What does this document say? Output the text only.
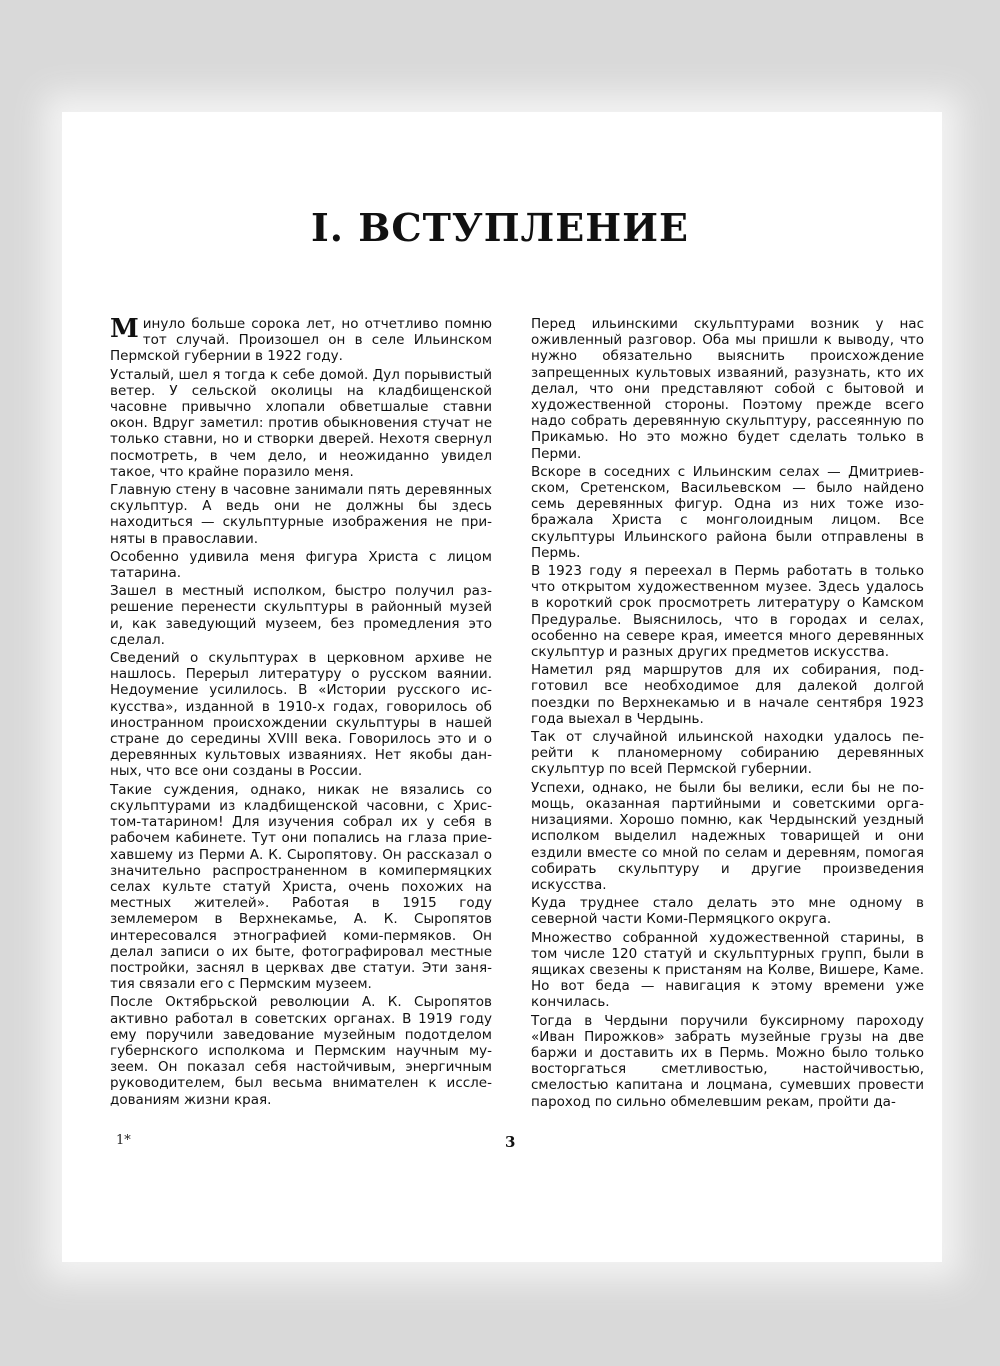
I. ВСТУПЛЕНИЕ

Минуло больше сорока лет, но отчетливо помню тот случай. Произошел он в селе Ильинском Пермской губернии в 1922 году.

Усталый, шел я тогда к себе домой. Дул порывистый ветер. У сельской околицы на кладбищенской часовне привычно хлопали обветшалые ставни окон. Вдруг заметил: против обыкновения стучат не только ставни, но и створки дверей. Нехотя свернул посмотреть, в чем дело, и неожиданно увидел такое, что крайне поразило меня.

Главную стену в часовне занимали пять деревянных скульптур. А ведь они не должны бы здесь находиться — скульптурные изображения не приняты в православии.

Особенно удивила меня фигура Христа с лицом татарина.

Зашел в местный исполком, быстро получил разрешение перенести скульптуры в районный музей и, как заведующий музеем, без промедления это сделал.

Сведений о скульптурах в церковном архиве не нашлось. Перерыл литературу о русском ваянии. Недоумение усилилось. В «Истории русского искусства», изданной в 1910-х годах, говорилось об иностранном происхождении скульптуры в нашей стране до середины XVIII века. Говорилось это и о деревянных культовых изваяниях. Нет якобы данных, что все они созданы в России.

Такие суждения, однако, никак не вязались со скульптурами из кладбищенской часовни, с Христом-татарином! Для изучения собрал их у себя в рабочем кабинете. Тут они попались на глаза приехавшему из Перми А. К. Сыропятову. Он рассказал о значительно распространенном в комипермяцких селах культе статуй Христа, очень похожих на местных жителей». Работая в 1915 году землемером в Верхнекамье, А. К. Сыропятов интересовался этнографией коми-пермяков. Он делал записи о их быте, фотографировал местные постройки, заснял в церквах две статуи. Эти занятия связали его с Пермским музеем.

После Октябрьской революции А. К. Сыропятов активно работал в советских органах. В 1919 году ему поручили заведование музейным подотделом губернского исполкома и Пермским научным музеем. Он показал себя настойчивым, энергичным руководителем, был весьма внимателен к исследованиям жизни края.

Перед ильинскими скульптурами возник у нас оживленный разговор. Оба мы пришли к выводу, что нужно обязательно выяснить происхождение запрещенных культовых изваяний, разузнать, кто их делал, что они представляют собой с бытовой и художественной стороны. Поэтому прежде всего надо собрать деревянную скульптуру, рассеянную по Прикамью. Но это можно будет сделать только в Перми.

Вскоре в соседних с Ильинским селах — Дмитриевском, Сретенском, Васильевском — было найдено семь деревянных фигур. Одна из них тоже изображала Христа с монголоидным лицом. Все скульптуры Ильинского района были отправлены в Пермь.

В 1923 году я переехал в Пермь работать в только что открытом художественном музее. Здесь удалось в короткий срок просмотреть литературу о Камском Предуралье. Выяснилось, что в городах и селах, особенно на севере края, имеется много деревянных скульптур и разных других предметов искусства.

Наметил ряд маршрутов для их собирания, подготовил все необходимое для далекой долгой поездки по Верхнекамью и в начале сентября 1923 года выехал в Чердынь.

Так от случайной ильинской находки удалось перейти к планомерному собиранию деревянных скульптур по всей Пермской губернии.

Успехи, однако, не были бы велики, если бы не помощь, оказанная партийными и советскими организациями. Хорошо помню, как Чердынский уездный исполком выделил надежных товарищей и они ездили вместе со мной по селам и деревням, помогая собирать скульптуру и другие произведения искусства.

Куда труднее стало делать это мне одному в северной части Коми-Пермяцкого округа.

Множество собранной художественной старины, в том числе 120 статуй и скульптурных групп, были в ящиках свезены к пристаням на Колве, Вишере, Каме. Но вот беда — навигация к этому времени уже кончилась.

Тогда в Чердыни поручили буксирному пароходу «Иван Пирожков» забрать музейные грузы на две баржи и доставить их в Пермь. Можно было только восторгаться сметливостью, настойчивостью, смелостью капитана и лоцмана, сумевших провести пароход по сильно обмелевшим рекам, пройти да-

1*	3
